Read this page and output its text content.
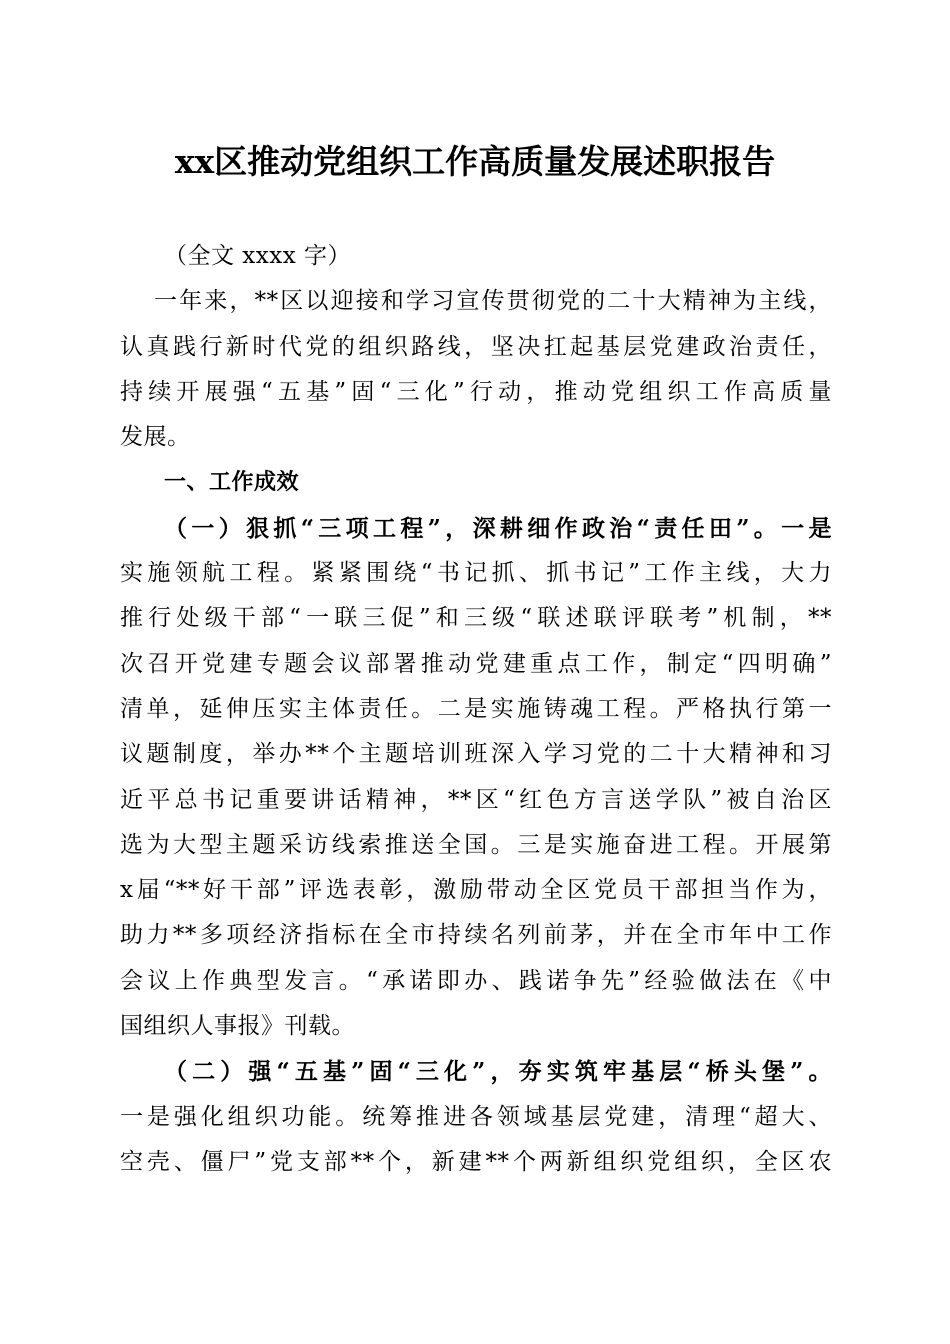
xx区推动党组织工作高质量发展述职报告
（全文 xxxx 字）
一年来，**区以迎接和学习宣传贯彻党的二十大精神为主线，
认真践行新时代党的组织路线，坚决扛起基层党建政治责任，
持续开展强“五基”固“三化”行动，推动党组织工作高质量
发展。
一、工作成效
（一）狠抓“三项工程”，深耕细作政治“责任田”。一是
实施领航工程。紧紧围绕“书记抓、抓书记”工作主线，大力
推行处级干部“一联三促”和三级“联述联评联考”机制，**
次召开党建专题会议部署推动党建重点工作，制定“四明确”
清单，延伸压实主体责任。二是实施铸魂工程。严格执行第一
议题制度，举办**个主题培训班深入学习党的二十大精神和习
近平总书记重要讲话精神，**区“红色方言送学队”被自治区
选为大型主题采访线索推送全国。三是实施奋进工程。开展第
x届“**好干部”评选表彰，激励带动全区党员干部担当作为，
助力**多项经济指标在全市持续名列前茅，并在全市年中工作
会议上作典型发言。“承诺即办、践诺争先”经验做法在《中
国组织人事报》刊载。
（二）强“五基”固“三化”，夯实筑牢基层“桥头堡”。
一是强化组织功能。统筹推进各领域基层党建，清理“超大、
空壳、僵尸”党支部**个，新建**个两新组织党组织，全区农
